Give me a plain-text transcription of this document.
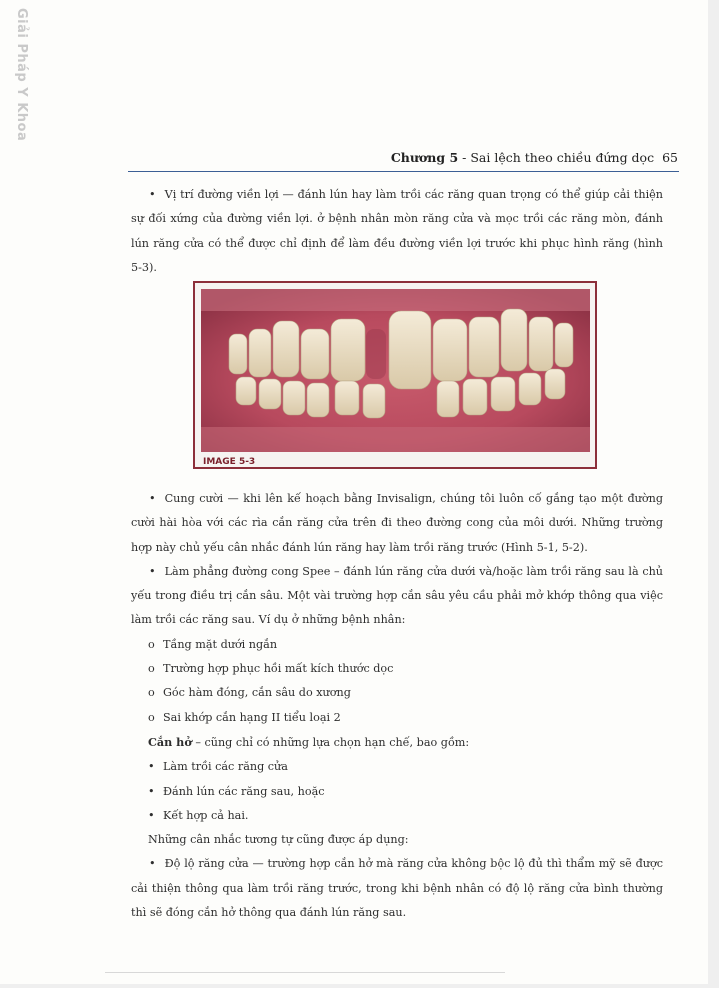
Giải Pháp Y Khoa
Chương 5 - Sai lệch theo chiều đứng dọc 65

• Vị trí đường viền lợi — đánh lún hay làm trồi các răng quan trọng có thể giúp cải thiện sự đối xứng của đường viền lợi. ở bệnh nhân mòn răng cửa và mọc trồi các răng mòn, đánh lún răng cửa có thể được chỉ định để làm đều đường viền lợi trước khi phục hình răng (hình 5-3).

IMAGE 5-3

• Cung cười — khi lên kế hoạch bằng Invisalign, chúng tôi luôn cố gắng tạo một đường cười hài hòa với các rìa cắn răng cửa trên đi theo đường cong của môi dưới. Những trường hợp này chủ yếu cân nhắc đánh lún răng hay làm trồi răng trước (Hình 5-1, 5-2).

• Làm phẳng đường cong Spee – đánh lún răng cửa dưới và/hoặc làm trồi răng sau là chủ yếu trong điều trị cắn sâu. Một vài trường hợp cắn sâu yêu cầu phải mở khớp thông qua việc làm trồi các răng sau. Ví dụ ở những bệnh nhân:

o Tầng mặt dưới ngắn

o Trường hợp phục hồi mất kích thước dọc

o Góc hàm đóng, cắn sâu do xương

o Sai khớp cắn hạng II tiểu loại 2

Cắn hở – cũng chỉ có những lựa chọn hạn chế, bao gồm:

• Làm trồi các răng cửa

• Đánh lún các răng sau, hoặc

• Kết hợp cả hai.

Những cân nhắc tương tự cũng được áp dụng:

• Độ lộ răng cửa — trường hợp cắn hở mà răng cửa không bộc lộ đủ thì thẩm mỹ sẽ được cải thiện thông qua làm trồi răng trước, trong khi bệnh nhân có độ lộ răng cửa bình thường thì sẽ đóng cắn hở thông qua đánh lún răng sau.
